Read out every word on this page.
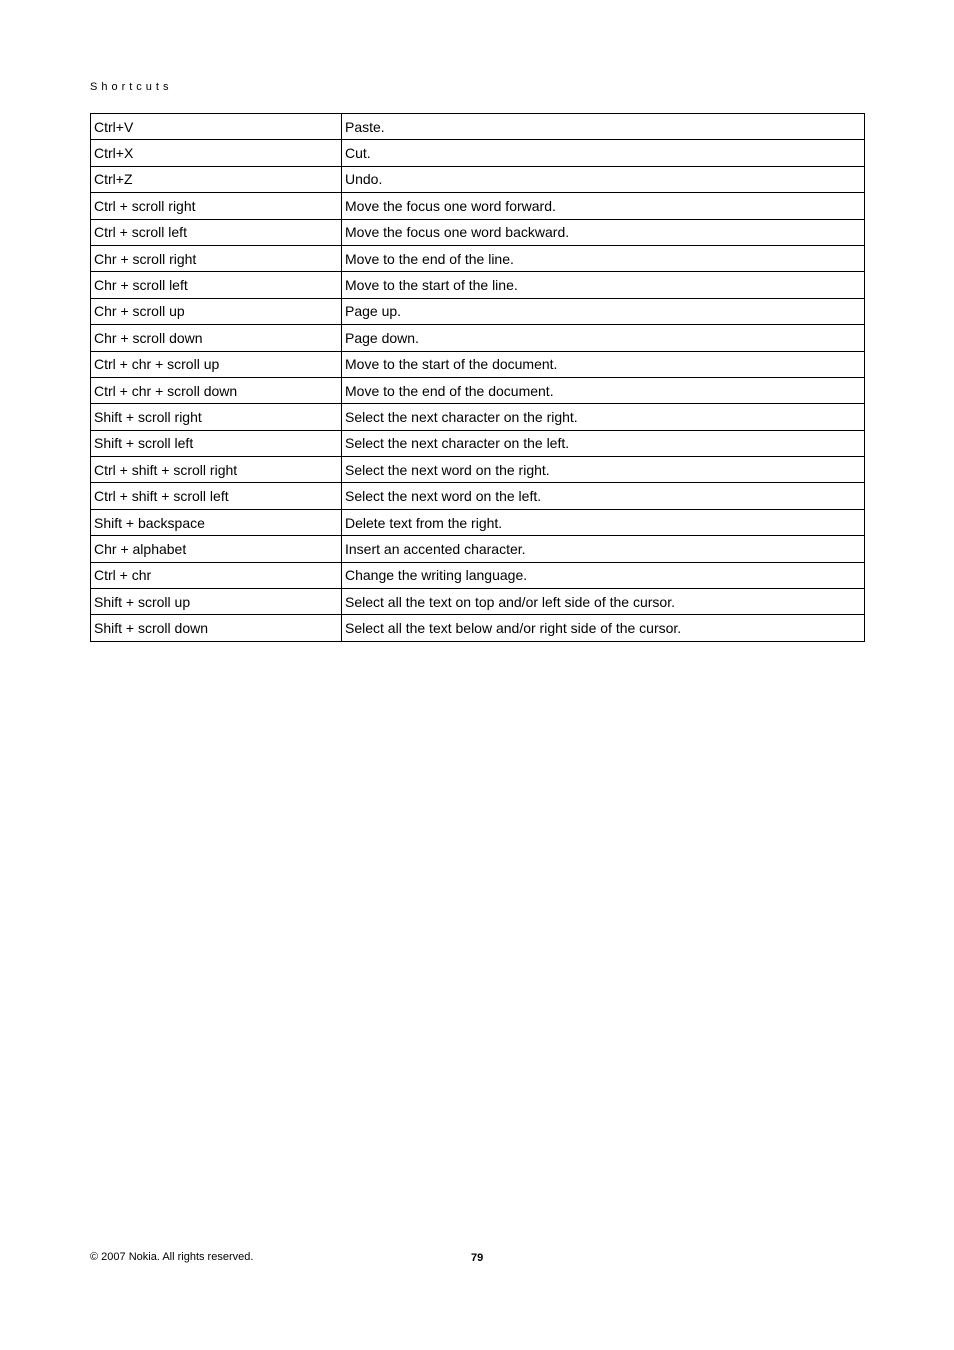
Shortcuts
Ctrl+V	Paste.
Ctrl+X	Cut.
Ctrl+Z	Undo.
Ctrl + scroll right	Move the focus one word forward.
Ctrl + scroll left	Move the focus one word backward.
Chr + scroll right	Move to the end of the line.
Chr + scroll left	Move to the start of the line.
Chr + scroll up	Page up.
Chr + scroll down	Page down.
Ctrl + chr + scroll up	Move to the start of the document.
Ctrl + chr + scroll down	Move to the end of the document.
Shift + scroll right	Select the next character on the right.
Shift + scroll left	Select the next character on the left.
Ctrl + shift + scroll right	Select the next word on the right.
Ctrl + shift + scroll left	Select the next word on the left.
Shift + backspace	Delete text from the right.
Chr + alphabet	Insert an accented character.
Ctrl + chr	Change the writing language.
Shift + scroll up	Select all the text on top and/or left side of the cursor.
Shift + scroll down	Select all the text below and/or right side of the cursor.
© 2007 Nokia. All rights reserved.	79
